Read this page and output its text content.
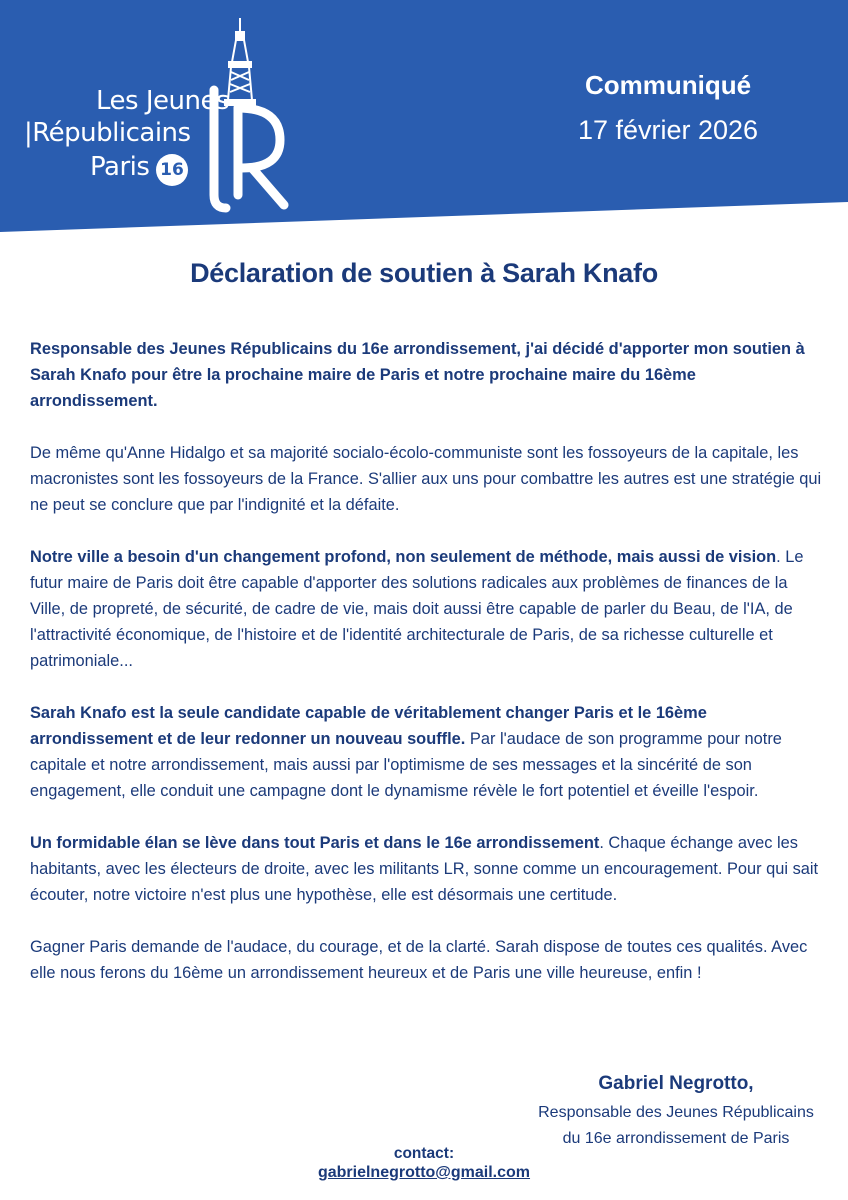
Les Jeunes
|Républicains
Paris 16
Communiqué
17 février 2026
Déclaration de soutien à Sarah Knafo

Responsable des Jeunes Républicains du 16e arrondissement, j'ai décidé d'apporter mon soutien à Sarah Knafo pour être la prochaine maire de Paris et notre prochaine maire du 16ème arrondissement.

De même qu'Anne Hidalgo et sa majorité socialo-écolo-communiste sont les fossoyeurs de la capitale, les macronistes sont les fossoyeurs de la France. S'allier aux uns pour combattre les autres est une stratégie qui ne peut se conclure que par l'indignité et la défaite.

Notre ville a besoin d'un changement profond, non seulement de méthode, mais aussi de vision. Le futur maire de Paris doit être capable d'apporter des solutions radicales aux problèmes de finances de la Ville, de propreté, de sécurité, de cadre de vie, mais doit aussi être capable de parler du Beau, de l'IA, de l'attractivité économique, de l'histoire et de l'identité architecturale de Paris, de sa richesse culturelle et patrimoniale...

Sarah Knafo est la seule candidate capable de véritablement changer Paris et le 16ème arrondissement et de leur redonner un nouveau souffle. Par l'audace de son programme pour notre capitale et notre arrondissement, mais aussi par l'optimisme de ses messages et la sincérité de son engagement, elle conduit une campagne dont le dynamisme révèle le fort potentiel et éveille l'espoir.

Un formidable élan se lève dans tout Paris et dans le 16e arrondissement. Chaque échange avec les habitants, avec les électeurs de droite, avec les militants LR, sonne comme un encouragement. Pour qui sait écouter, notre victoire n'est plus une hypothèse, elle est désormais une certitude.

Gagner Paris demande de l'audace, du courage, et de la clarté. Sarah dispose de toutes ces qualités. Avec elle nous ferons du 16ème un arrondissement heureux et de Paris une ville heureuse, enfin !

Gabriel Negrotto,
Responsable des Jeunes Républicains
du 16e arrondissement de Paris
contact:
gabrielnegrotto@gmail.com
